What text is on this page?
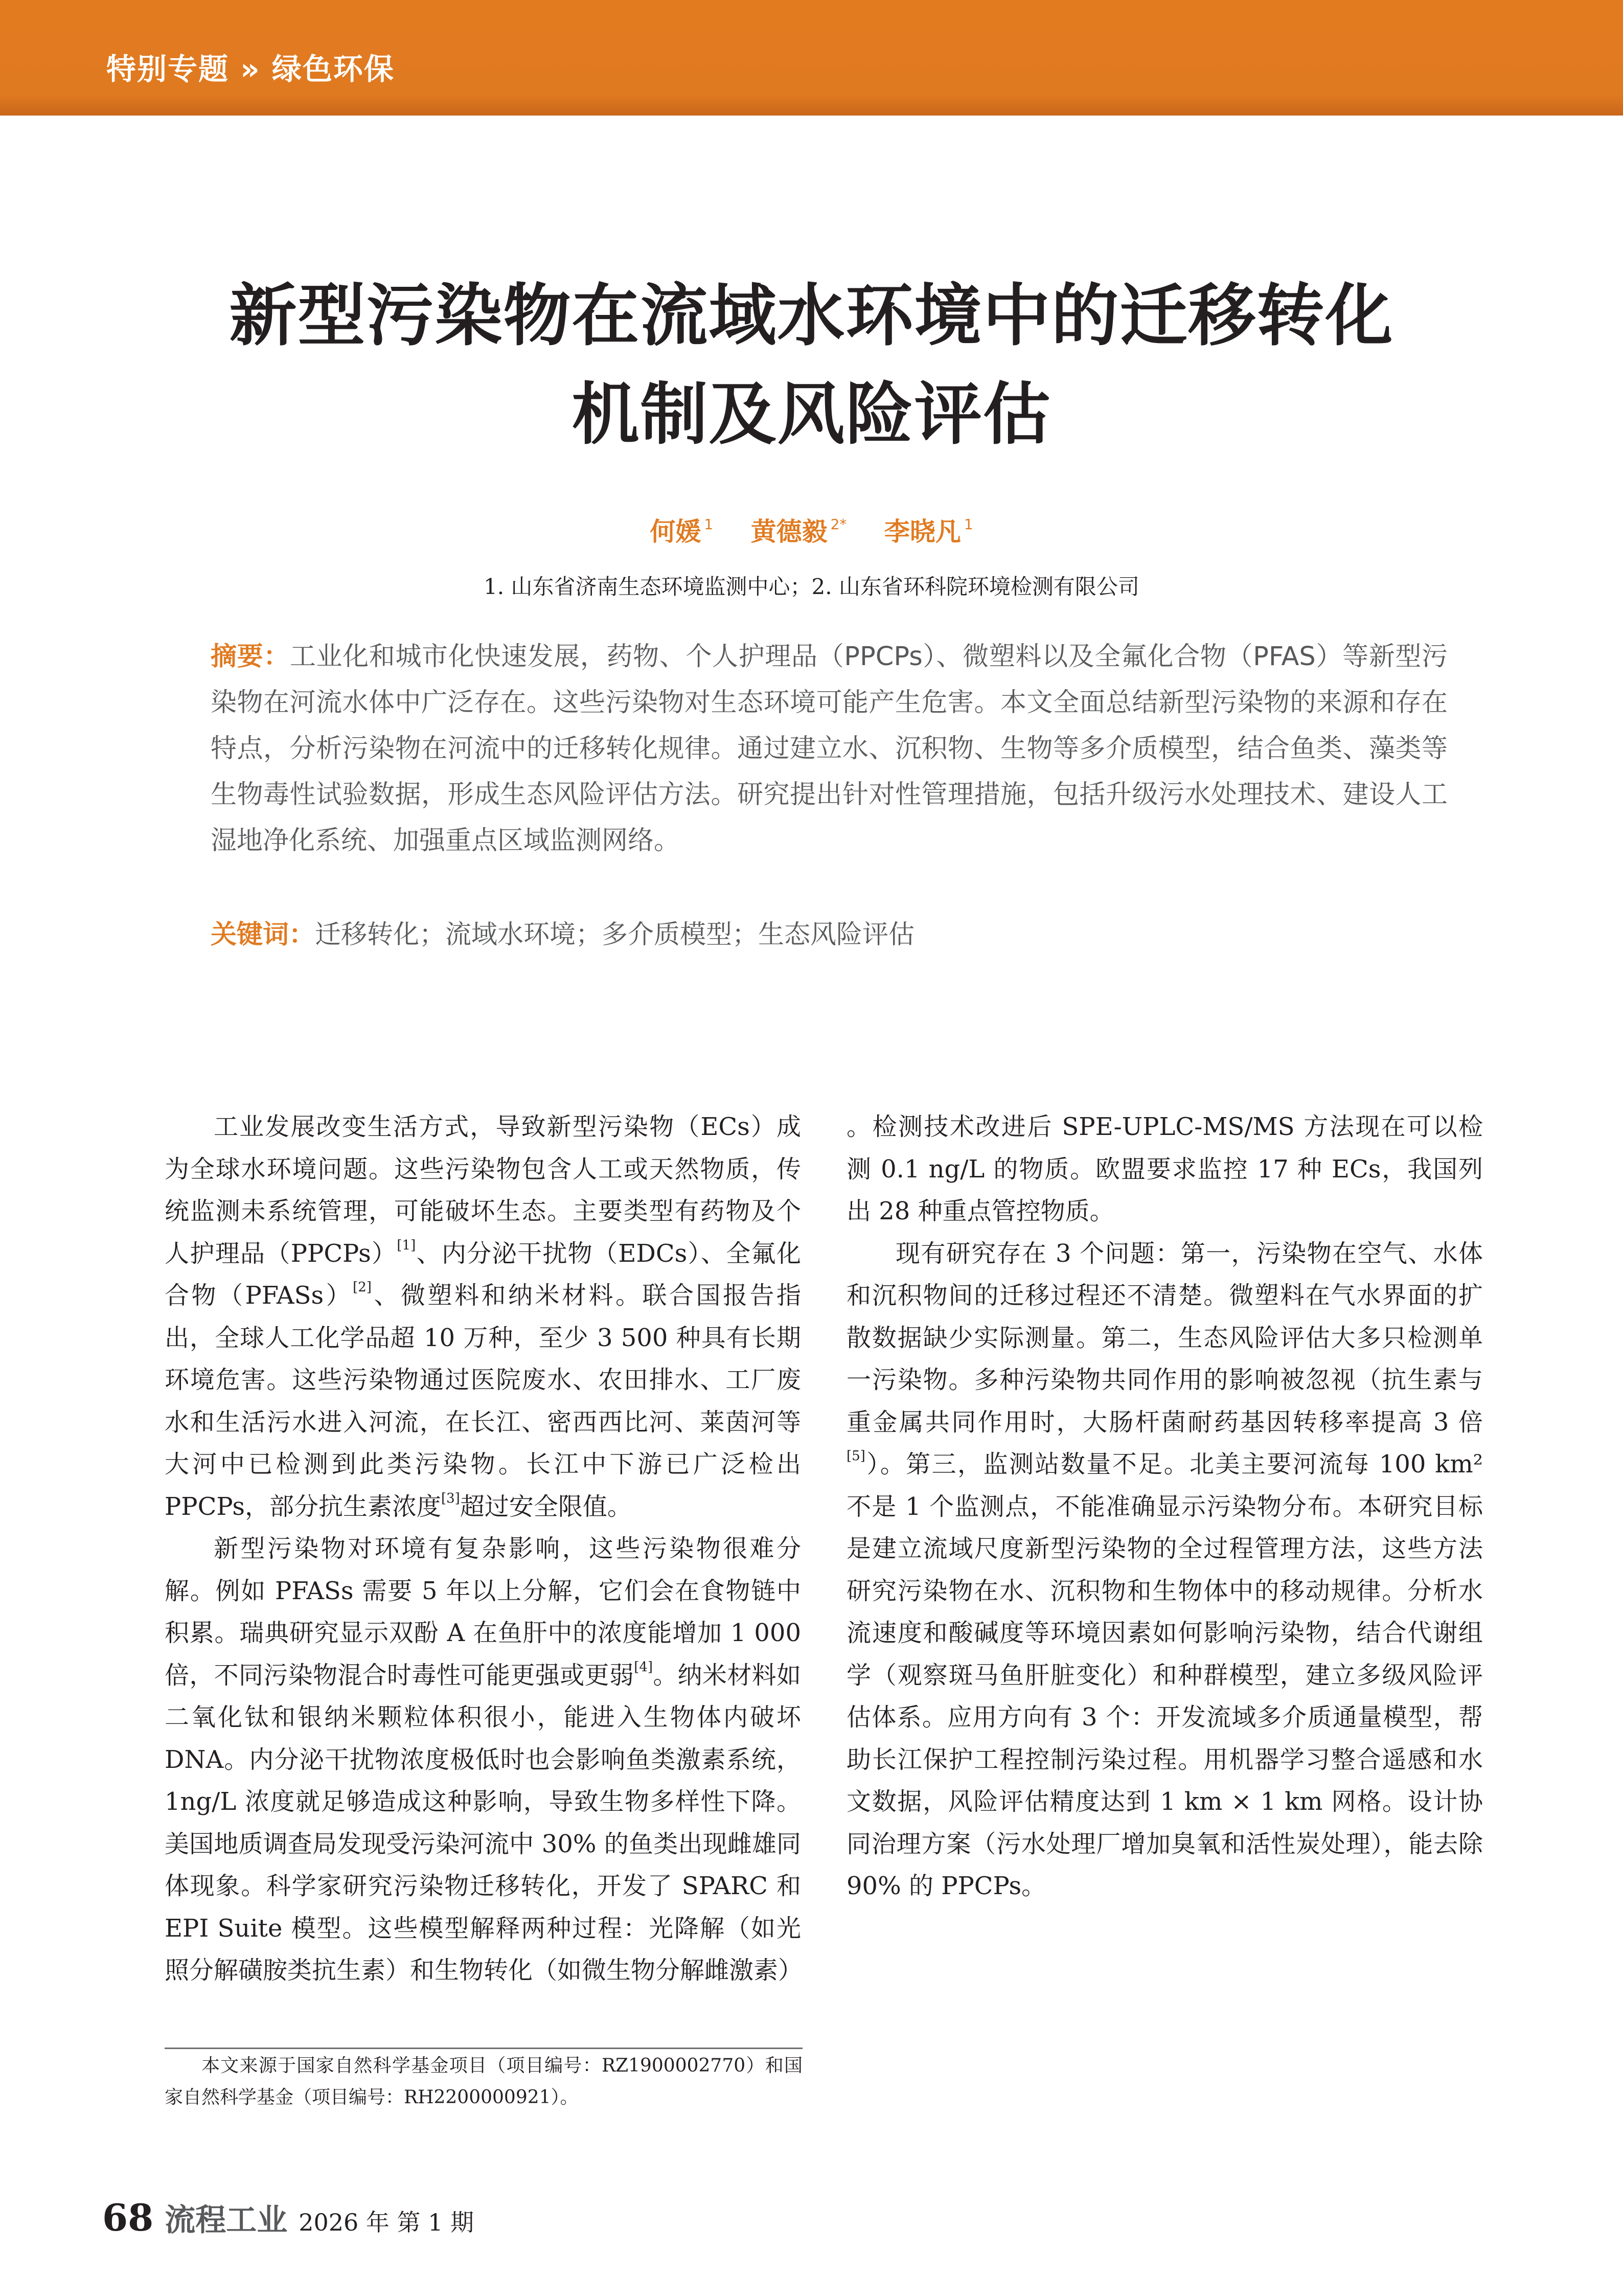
特别专题 » 绿色环保
新型污染物在流域水环境中的迁移转化
机制及风险评估
何媛 $^1$ 黄德毅 $^{2*}$ 李晓凡 $^1$
1. 山东省济南生态环境监测中心；2. 山东省环科院环境检测有限公司
摘要：工业化和城市化快速发展，药物、个人护理品（PPCPs）、微塑料以及全氟化合物（PFAS）等新型污染物在河流水体中广泛存在。这些污染物对生态环境可能产生危害。本文全面总结新型污染物的来源和存在特点，分析污染物在河流中的迁移转化规律。通过建立水、沉积物、生物等多介质模型，结合鱼类、藻类等生物毒性试验数据，形成生态风险评估方法。研究提出针对性管理措施，包括升级污水处理技术、建设人工湿地净化系统、加强重点区域监测网络。
关键词：迁移转化；流域水环境；多介质模型；生态风险评估

工业发展改变生活方式，导致新型污染物（ECs）成为全球水环境问题。这些污染物包含人工或天然物质，传统监测未系统管理，可能破坏生态。主要类型有药物及个人护理品（PPCPs）[1]、内分泌干扰物（EDCs）、全氟化合物（PFASs）[2]、微塑料和纳米材料。联合国报告指出，全球人工化学品超 10 万种，至少 3 500 种具有长期环境危害。这些污染物通过医院废水、农田排水、工厂废水和生活污水进入河流，在长江、密西西比河、莱茵河等大河中已检测到此类污染物。长江中下游已广泛检出 PPCPs，部分抗生素浓度[3]超过安全限值。

新型污染物对环境有复杂影响，这些污染物很难分解。例如 PFASs 需要 5 年以上分解，它们会在食物链中积累。瑞典研究显示双酚 A 在鱼肝中的浓度能增加 1 000 倍，不同污染物混合时毒性可能更强或更弱[4]。纳米材料如二氧化钛和银纳米颗粒体积很小，能进入生物体内破坏 DNA。内分泌干扰物浓度极低时也会影响鱼类激素系统，1ng/L 浓度就足够造成这种影响，导致生物多样性下降。美国地质调查局发现受污染河流中 30% 的鱼类出现雌雄同体现象。科学家研究污染物迁移转化，开发了 SPARC 和 EPI Suite 模型。这些模型解释两种过程：光降解（如光照分解磺胺类抗生素）和生物转化（如微生物分解雌激素）

。检测技术改进后 SPE-UPLC-MS/MS 方法现在可以检测 0.1 ng/L 的物质。欧盟要求监控 17 种 ECs，我国列出 28 种重点管控物质。

现有研究存在 3 个问题：第一，污染物在空气、水体和沉积物间的迁移过程还不清楚。微塑料在气水界面的扩散数据缺少实际测量。第二，生态风险评估大多只检测单一污染物。多种污染物共同作用的影响被忽视（抗生素与重金属共同作用时，大肠杆菌耐药基因转移率提高 3 倍[5]）。第三，监测站数量不足。北美主要河流每 100 km² 不是 1 个监测点，不能准确显示污染物分布。本研究目标是建立流域尺度新型污染物的全过程管理方法，这些方法研究污染物在水、沉积物和生物体中的移动规律。分析水流速度和酸碱度等环境因素如何影响污染物，结合代谢组学（观察斑马鱼肝脏变化）和种群模型，建立多级风险评估体系。应用方向有 3 个：开发流域多介质通量模型，帮助长江保护工程控制污染过程。用机器学习整合遥感和水文数据，风险评估精度达到 1 km × 1 km 网格。设计协同治理方案（污水处理厂增加臭氧和活性炭处理），能去除 90% 的 PPCPs。

本文来源于国家自然科学基金项目（项目编号：RZ1900002770）和国家自然科学基金（项目编号：RH2200000921）。

68 流程工业 2026 年 第 1 期
